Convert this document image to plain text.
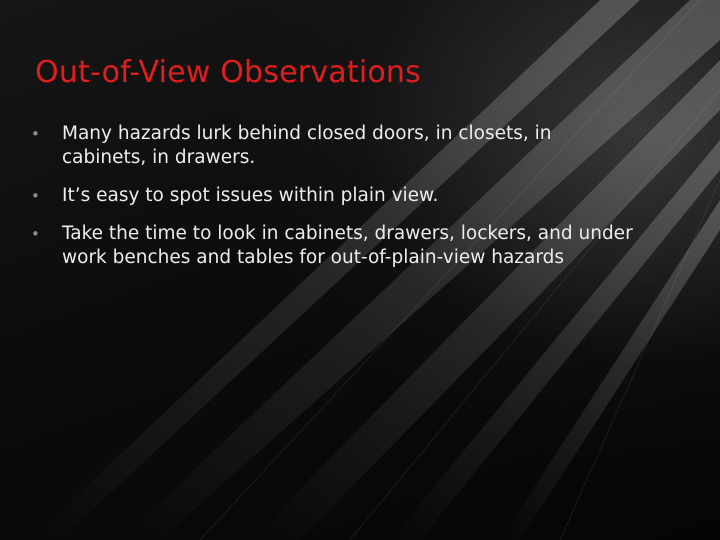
Out-of-View Observations
• Many hazards lurk behind closed doors, in closets, in cabinets, in drawers.
• It’s easy to spot issues within plain view.
• Take the time to look in cabinets, drawers, lockers, and under work benches and tables for out-of-plain-view hazards
